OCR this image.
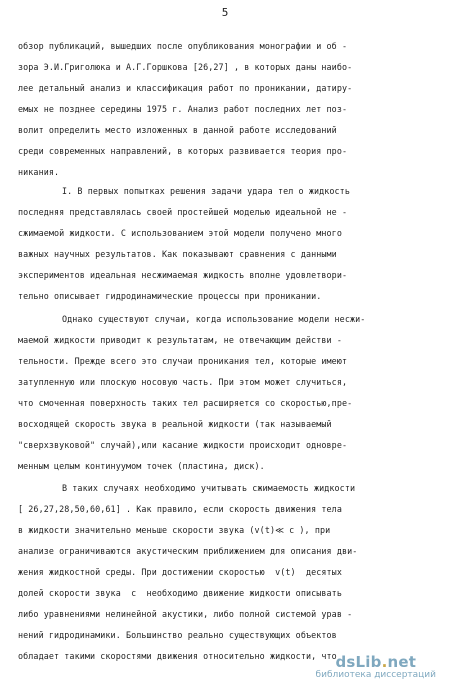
5
обзор публикаций, вышедших после опубликования монографии и об -
зора Э.И.Григолюка и А.Г.Горшкова [26,27] , в которых даны наибо-
лее детальный анализ и классификация работ по проникании, датиру-
емых не позднее середины 1975 г. Анализ работ последних лет поз-
волит определить место изложенных в данной работе исследований
среди современных направлений, в которых развивается теория про-
никания.
I. В первых попытках решения задачи удара тел о жидкость
последняя представлялась своей простейшей моделью идеальной не -
сжимаемой жидкости. С использованием этой модели получено много
важных научных результатов. Как показывают сравнения с данными
экспериментов идеальная несжимаемая жидкость вполне удовлетвори-
тельно описывает гидродинамические процессы при проникании.
Однако существуют случаи, когда использование модели несжи-
маемой жидкости приводит к результатам, не отвечающим действи -
тельности. Прежде всего это случаи проникания тел, которые имеют
затупленную или плоскую носовую часть. При этом может случиться,
что смоченная поверхность таких тел расширяется со скоростью,пре-
восходящей скорость звука в реальной жидкости (так называемый
"сверхзвуковой" случай),или касание жидкости происходит одновре-
менным целым континуумом точек (пластина, диск).
В таких случаях необходимо учитывать сжимаемость жидкости
[ 26,27,28,50,60,61] . Как правило, если скорость движения тела
в жидкости значительно меньше скорости звука (v(t)≪ c ), при
анализе ограничиваются акустическим приближением для описания дви-
жения жидкостной среды. При достижении скоростью  v(t)  десятых
долей скорости звука  c  необходимо движение жидкости описывать
либо уравнениями нелинейной акустики, либо полной системой урав -
нений гидродинамики. Большинство реально существующих объектов
обладает такими скоростями движения относительно жидкости, что
dsLib.net
библиотека диссертаций
